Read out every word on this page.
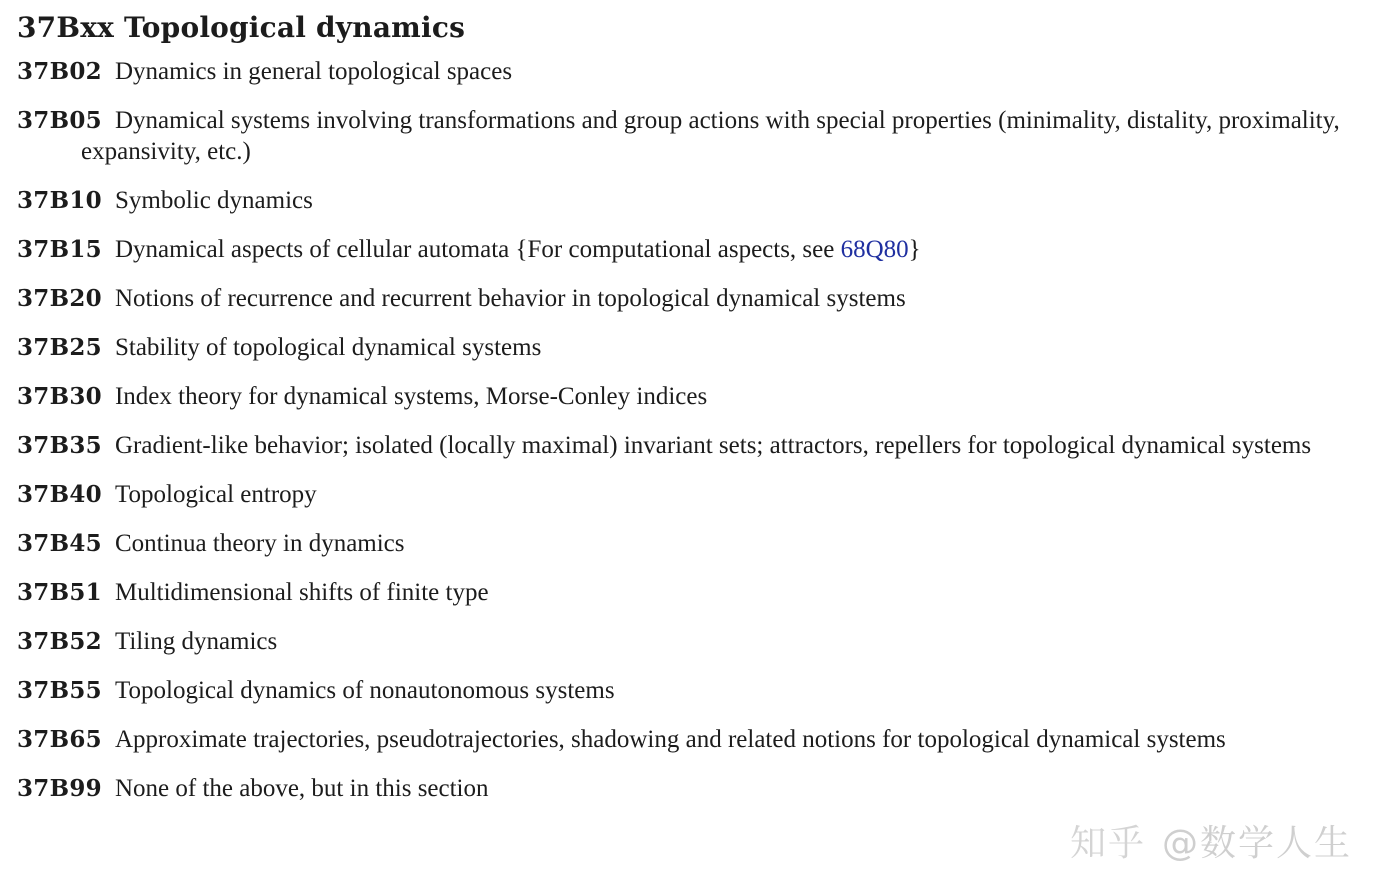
37Bxx Topological dynamics
37B02 Dynamics in general topological spaces
37B05 Dynamical systems involving transformations and group actions with special properties (minimality, distality, proximality, expansivity, etc.)
37B10 Symbolic dynamics
37B15 Dynamical aspects of cellular automata {For computational aspects, see 68Q80}
37B20 Notions of recurrence and recurrent behavior in topological dynamical systems
37B25 Stability of topological dynamical systems
37B30 Index theory for dynamical systems, Morse-Conley indices
37B35 Gradient-like behavior; isolated (locally maximal) invariant sets; attractors, repellers for topological dynamical systems
37B40 Topological entropy
37B45 Continua theory in dynamics
37B51 Multidimensional shifts of finite type
37B52 Tiling dynamics
37B55 Topological dynamics of nonautonomous systems
37B65 Approximate trajectories, pseudotrajectories, shadowing and related notions for topological dynamical systems
37B99 None of the above, but in this section
知乎 @数学人生
